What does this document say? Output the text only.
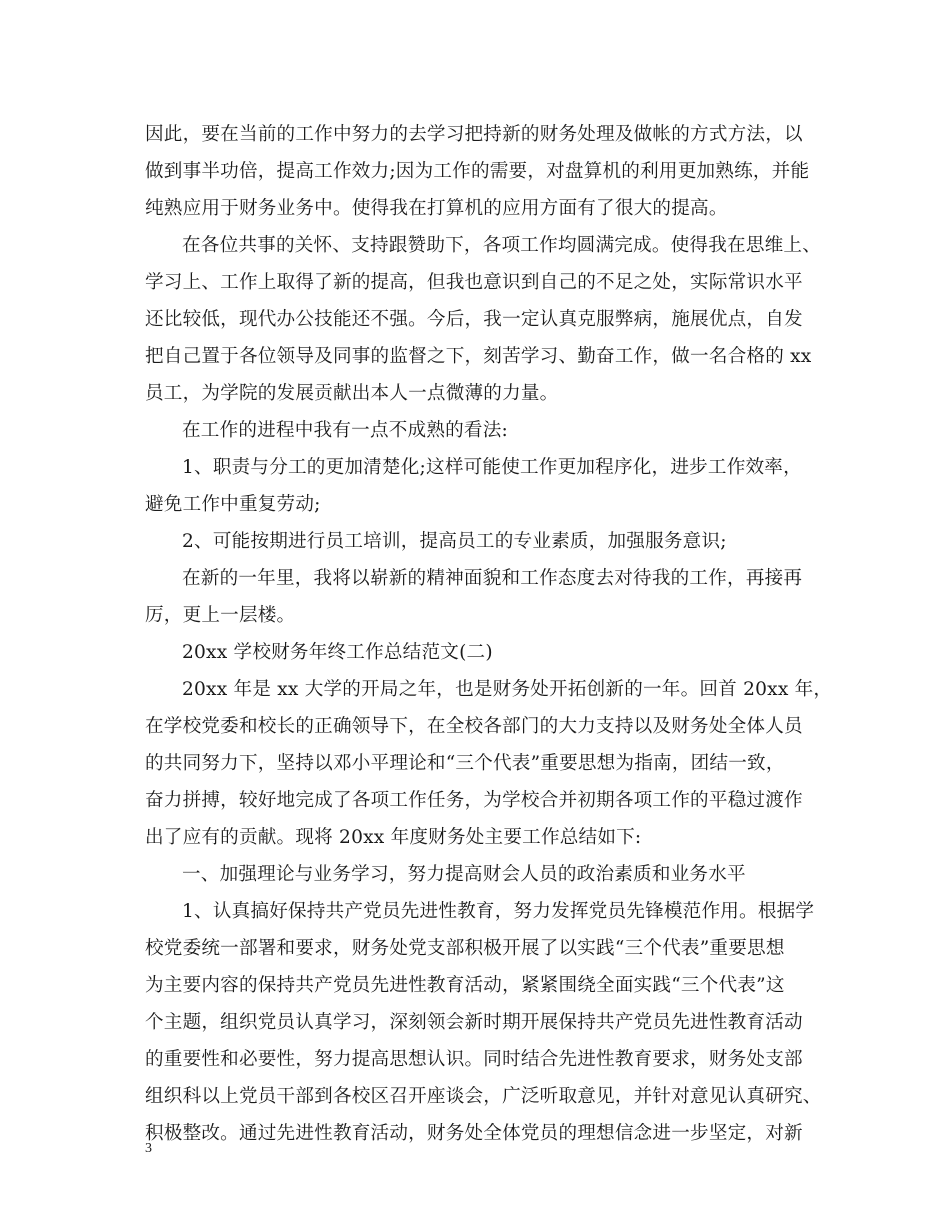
因此，要在当前的工作中努力的去学习把持新的财务处理及做帐的方式方法，以
做到事半功倍，提高工作效力;因为工作的需要，对盘算机的利用更加熟练，并能
纯熟应用于财务业务中。使得我在打算机的应用方面有了很大的提高。
在各位共事的关怀、支持跟赞助下，各项工作均圆满完成。使得我在思维上、
学习上、工作上取得了新的提高，但我也意识到自己的不足之处，实际常识水平
还比较低，现代办公技能还不强。今后，我一定认真克服弊病，施展优点，自发
把自己置于各位领导及同事的监督之下，刻苦学习、勤奋工作，做一名合格的 xx
员工，为学院的发展贡献出本人一点微薄的力量。
在工作的进程中我有一点不成熟的看法:
1、职责与分工的更加清楚化;这样可能使工作更加程序化，进步工作效率，
避免工作中重复劳动;
2、可能按期进行员工培训，提高员工的专业素质，加强服务意识;
在新的一年里，我将以崭新的精神面貌和工作态度去对待我的工作，再接再
厉，更上一层楼。
20xx 学校财务年终工作总结范文(二)
20xx 年是 xx 大学的开局之年，也是财务处开拓创新的一年。回首 20xx 年，
在学校党委和校长的正确领导下，在全校各部门的大力支持以及财务处全体人员
的共同努力下，坚持以邓小平理论和“三个代表”重要思想为指南，团结一致，
奋力拼搏，较好地完成了各项工作任务，为学校合并初期各项工作的平稳过渡作
出了应有的贡献。现将 20xx 年度财务处主要工作总结如下:
一、加强理论与业务学习，努力提高财会人员的政治素质和业务水平
1、认真搞好保持共产党员先进性教育，努力发挥党员先锋模范作用。根据学
校党委统一部署和要求，财务处党支部积极开展了以实践“三个代表”重要思想
为主要内容的保持共产党员先进性教育活动，紧紧围绕全面实践“三个代表”这
个主题，组织党员认真学习，深刻领会新时期开展保持共产党员先进性教育活动
的重要性和必要性，努力提高思想认识。同时结合先进性教育要求，财务处支部
组织科以上党员干部到各校区召开座谈会，广泛听取意见，并针对意见认真研究、
积极整改。通过先进性教育活动，财务处全体党员的理想信念进一步坚定，对新
3
